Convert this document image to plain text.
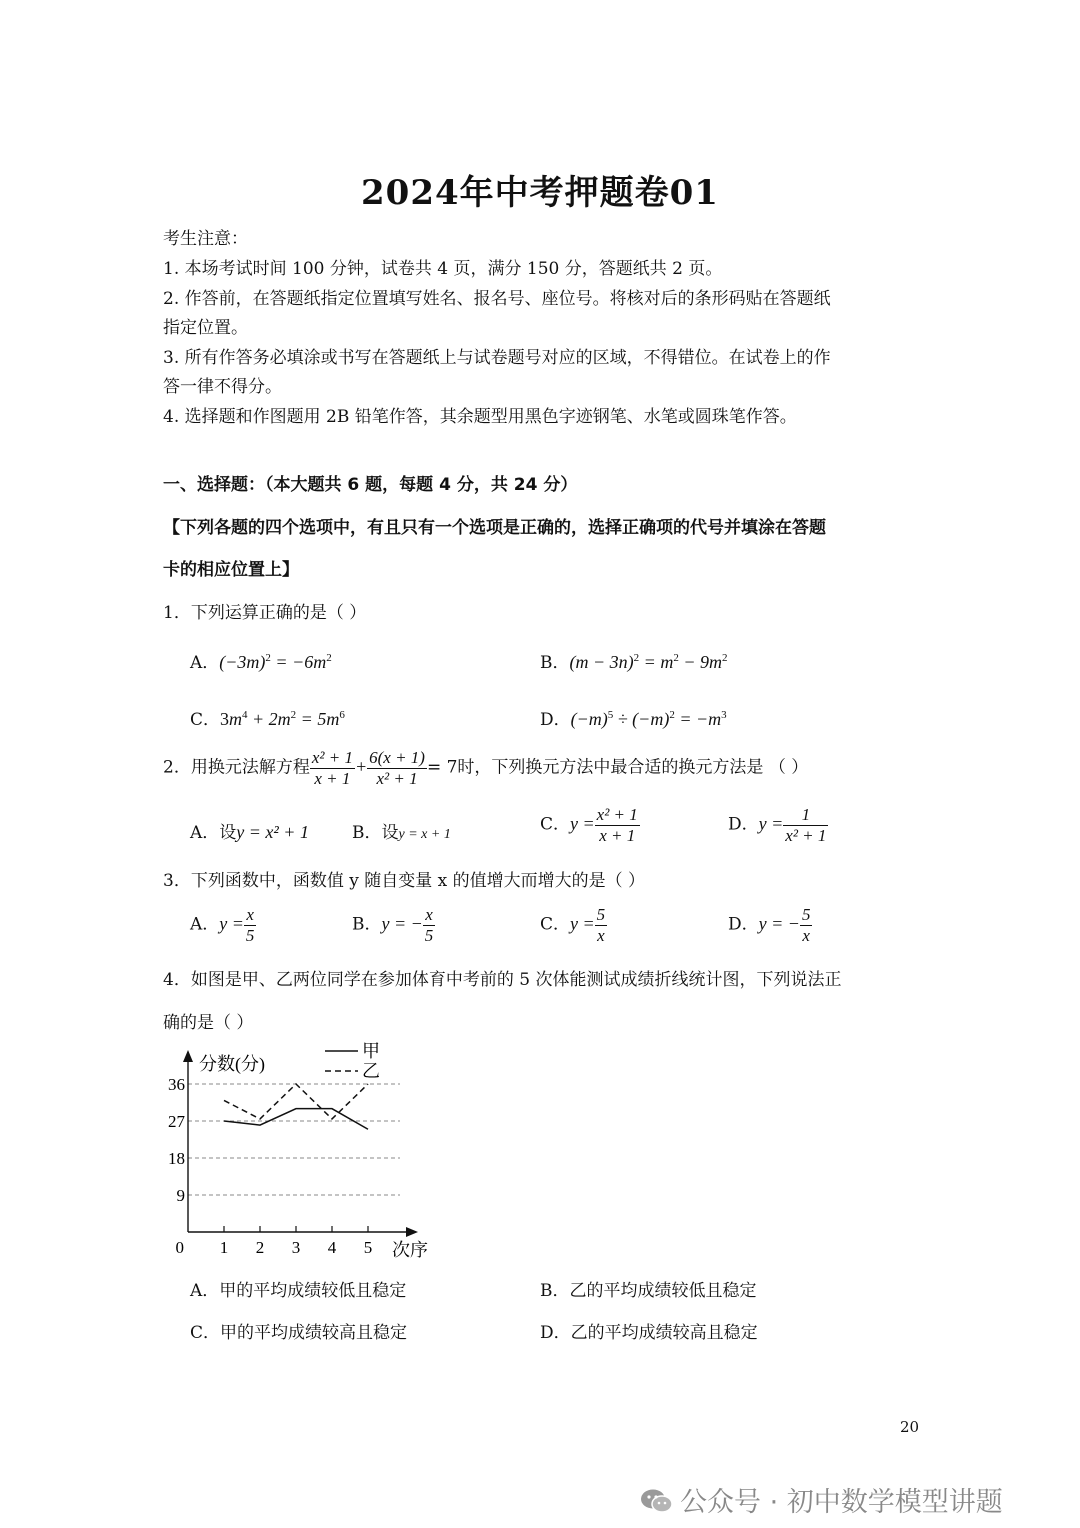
2024年中考押题卷01
考生注意：
1. 本场考试时间 100 分钟，试卷共 4 页，满分 150 分，答题纸共 2 页。
2. 作答前，在答题纸指定位置填写姓名、报名号、座位号。将核对后的条形码贴在答题纸
指定位置。
3. 所有作答务必填涂或书写在答题纸上与试卷题号对应的区域，不得错位。在试卷上的作
答一律不得分。
4. 选择题和作图题用 2B 铅笔作答，其余题型用黑色字迹钢笔、水笔或圆珠笔作答。
一、选择题：（本大题共 6 题，每题 4 分，共 24 分）
【下列各题的四个选项中，有且只有一个选项是正确的，选择正确项的代号并填涂在答题
卡的相应位置上】
1．下列运算正确的是（ ）
A．$(-3m)^2 = -6m^2$	B．$(m - 3n)^2 = m^2 - 9m^2$
C．$3m^4 + 2m^2 = 5m^6$	D．$(-m)^5 \div (-m)^2 = -m^3$
2．用换元法解方程 $\frac{\text{x² + 1}}{x + 1} + \frac{6(x + 1)}{\text{x² + 1}} = 7$时，下列换元方法中最合适的换元方法是 （ ）
A．设y = x² + 1	B．设y = x + 1	C．$y = \frac{\text{x² + 1}}{x + 1}$	D．$y = \frac{1}{\text{x² + 1}}$
3．下列函数中，函数值 y 随自变量 x 的值增大而增大的是（ ）
A．$y = \frac{x}{5}$	B．y = − $\frac{x}{5}$	C．$y = \frac{5}{x}$	D．y = − $\frac{5}{x}$
4．如图是甲、乙两位同学在参加体育中考前的 5 次体能测试成绩折线统计图，下列说法正
确的是（ ）
9
18
27
36
分数(分)
次序
0 1 2 3 4 5
甲
乙
A．甲的平均成绩较低且稳定	B．乙的平均成绩较低且稳定
C．甲的平均成绩较高且稳定	D．乙的平均成绩较高且稳定
20
公众号 · 初中数学模型讲题
